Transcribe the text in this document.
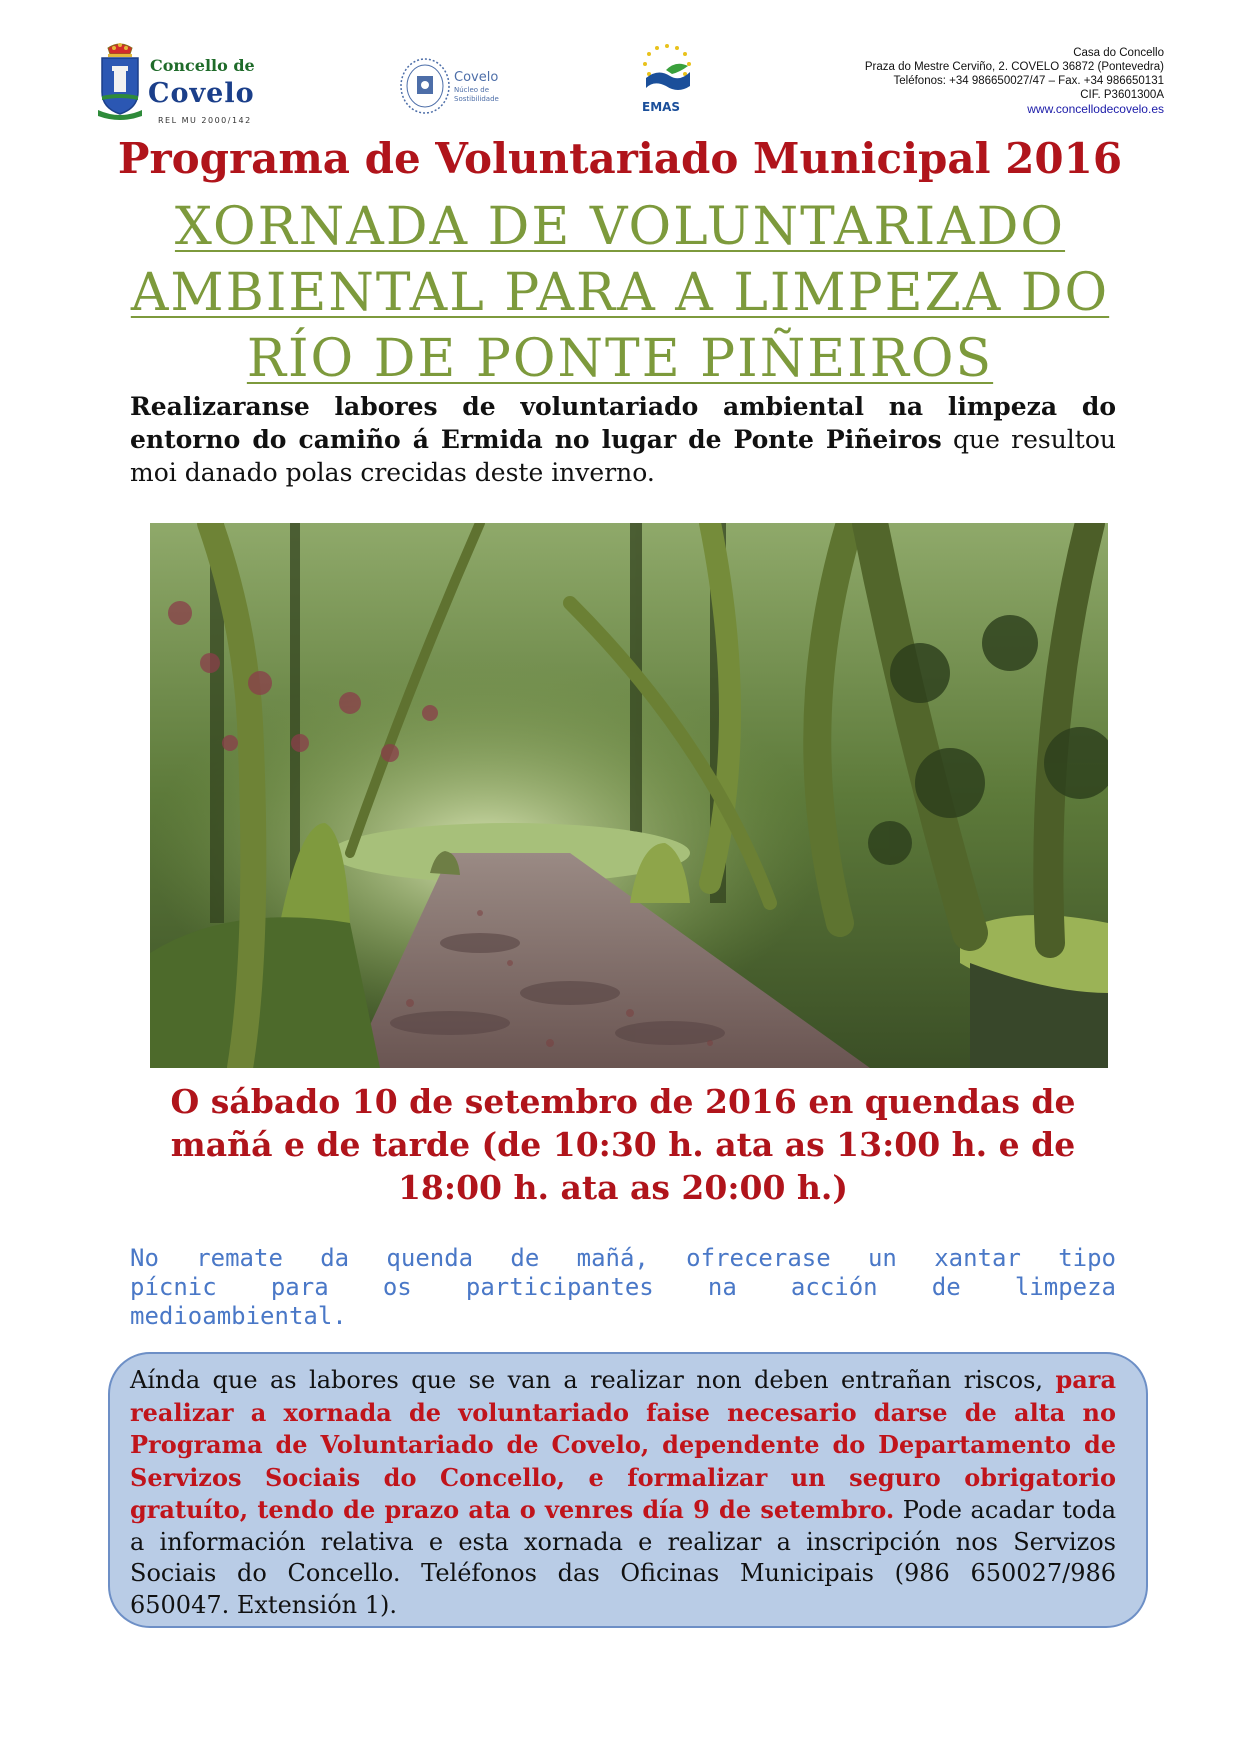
Concello de
Covelo
REL MU 2000/142
Covelo
Núcleo de Sostibilidade
EMAS
Casa do Concello
Praza do Mestre Cerviño, 2. COVELO 36872 (Pontevedra)
Teléfonos: +34 986650027/47 – Fax. +34 986650131
CIF. P3601300A
www.concellodecovelo.es
Programa de Voluntariado Municipal 2016
XORNADA DE VOLUNTARIADO
AMBIENTAL PARA A LIMPEZA DO
RÍO DE PONTE PIÑEIROS
Realizaranse labores de voluntariado ambiental na limpeza do entorno do camiño á Ermida no lugar de Ponte Piñeiros que resultou moi danado polas crecidas deste inverno.
O sábado 10 de setembro de 2016 en quendas de
mañá e de tarde (de 10:30 h. ata as 13:00 h. e de
18:00 h. ata as 20:00 h.)
No remate da quenda de mañá, ofrecerase un xantar tipo
pícnic para os participantes na acción de limpeza
medioambiental.
Aínda que as labores que se van a realizar non deben entrañan riscos, para realizar a xornada de voluntariado faise necesario darse de alta no Programa de Voluntariado de Covelo, dependente do Departamento de Servizos Sociais do Concello, e formalizar un seguro obrigatorio gratuíto, tendo de prazo ata o venres día 9 de setembro. Pode acadar toda a información relativa e esta xornada e realizar a inscripción nos Servizos Sociais do Concello. Teléfonos das Oficinas Municipais (986 650027/986 650047. Extensión 1).
